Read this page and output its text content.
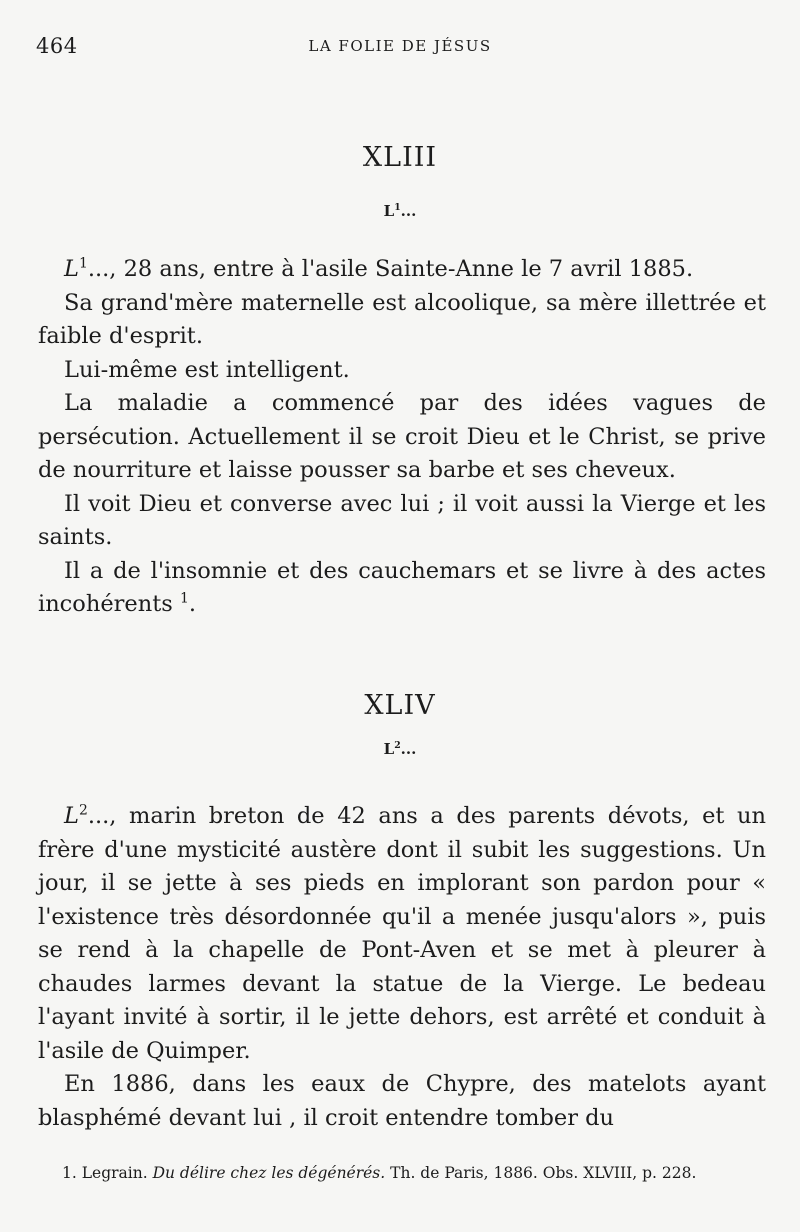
464	LA FOLIE DE JÉSUS
XLIII
$L^1$...

$L^1$..., 28 ans, entre à l'asile Sainte-Anne le 7 avril 1885.

Sa grand'mère maternelle est alcoolique, sa mère illettrée et faible d'esprit.

Lui-même est intelligent.

La maladie a commencé par des idées vagues de persécution. Actuellement il se croit Dieu et le Christ, se prive de nourriture et laisse pousser sa barbe et ses cheveux.

Il voit Dieu et converse avec lui ; il voit aussi la Vierge et les saints.

Il a de l'insomnie et des cauchemars et se livre à des actes incohérents $^1$.

XLIV
$L^2$...

$L^2$..., marin breton de 42 ans a des parents dévots, et un frère d'une mysticité austère dont il subit les suggestions. Un jour, il se jette à ses pieds en implorant son pardon pour « l'existence très désordonnée qu'il a menée jusqu'alors », puis se rend à la chapelle de Pont-Aven et se met à pleurer à chaudes larmes devant la statue de la Vierge. Le bedeau l'ayant invité à sortir, il le jette dehors, est arrêté et conduit à l'asile de Quimper.

En 1886, dans les eaux de Chypre, des matelots ayant blasphémé devant lui , il croit entendre tomber du

1. Legrain. Du délire chez les dégénérés. Th. de Paris, 1886. Obs. XLVIII, p. 228.
